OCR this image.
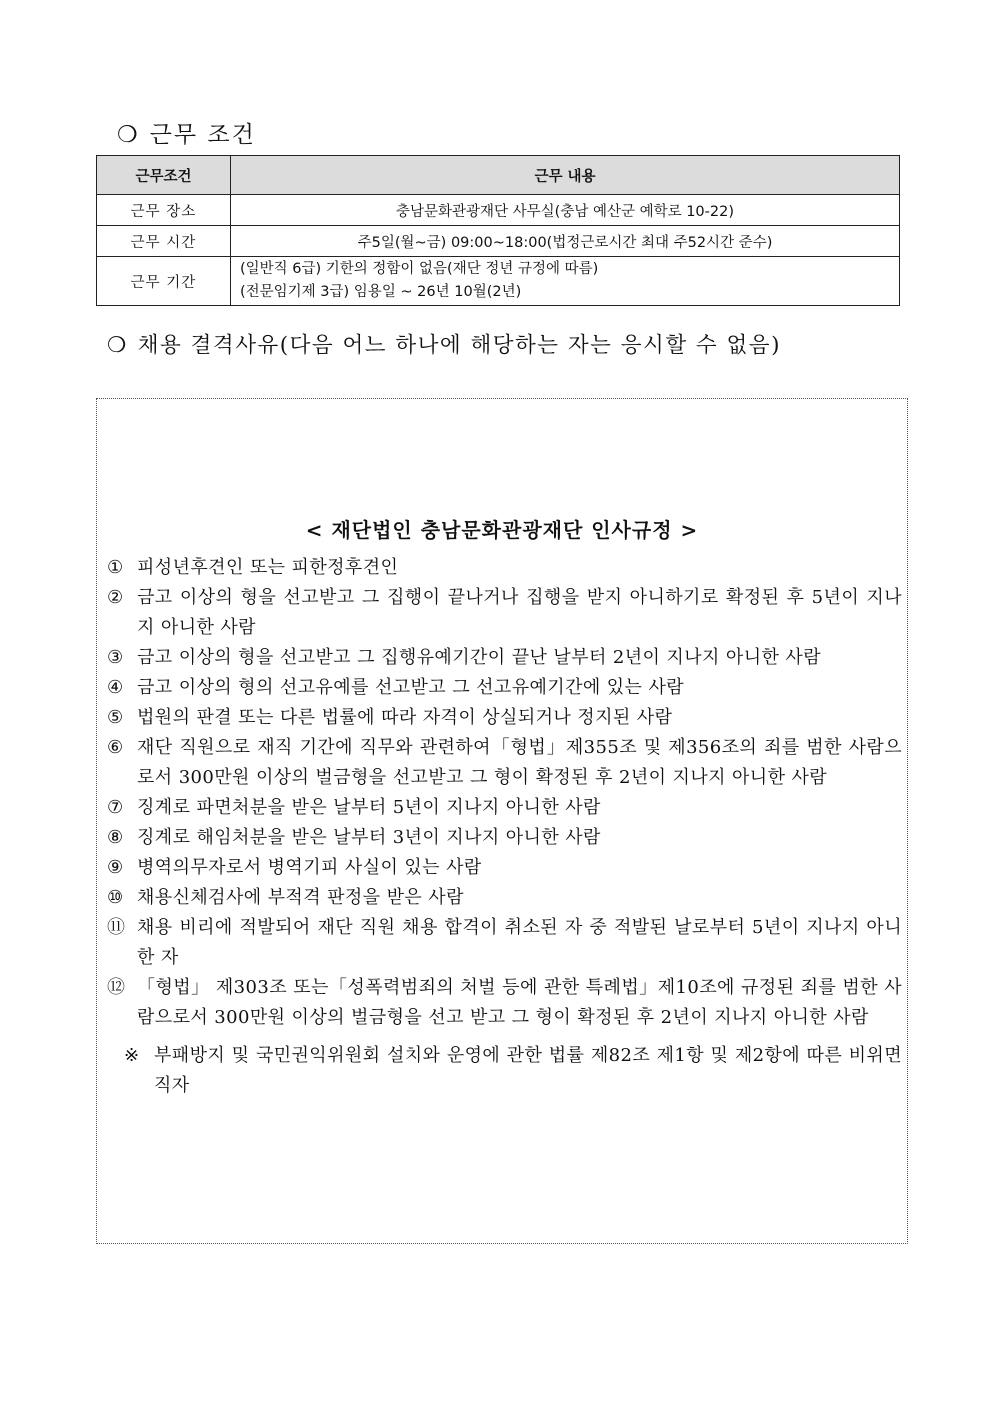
❍ 근무 조건
근무조건	근무 내용
근무 장소	충남문화관광재단 사무실(충남 예산군 예학로 10-22)
근무 시간	주5일(월~금) 09:00~18:00(법정근로시간 최대 주52시간 준수)
근무 기간	(일반직 6급) 기한의 정함이 없음(재단 정년 규정에 따름)
(전문임기제 3급) 임용일 ~ 26년 10월(2년)
❍ 채용 결격사유(다음 어느 하나에 해당하는 자는 응시할 수 없음)
< 재단법인 충남문화관광재단 인사규정 >
① 피성년후견인 또는 피한정후견인
② 금고 이상의 형을 선고받고 그 집행이 끝나거나 집행을 받지 아니하기로 확정된 후 5년이 지나지 아니한 사람
③ 금고 이상의 형을 선고받고 그 집행유예기간이 끝난 날부터 2년이 지나지 아니한 사람
④ 금고 이상의 형의 선고유예를 선고받고 그 선고유예기간에 있는 사람
⑤ 법원의 판결 또는 다른 법률에 따라 자격이 상실되거나 정지된 사람
⑥ 재단 직원으로 재직 기간에 직무와 관련하여「형법」제355조 및 제356조의 죄를 범한 사람으로서 300만원 이상의 벌금형을 선고받고 그 형이 확정된 후 2년이 지나지 아니한 사람
⑦ 징계로 파면처분을 받은 날부터 5년이 지나지 아니한 사람
⑧ 징계로 해임처분을 받은 날부터 3년이 지나지 아니한 사람
⑨ 병역의무자로서 병역기피 사실이 있는 사람
⑩ 채용신체검사에 부적격 판정을 받은 사람
⑪ 채용 비리에 적발되어 재단 직원 채용 합격이 취소된 자 중 적발된 날로부터 5년이 지나지 아니한 자
⑫ 「형법」 제303조 또는「성폭력범죄의 처벌 등에 관한 특례법」제10조에 규정된 죄를 범한 사람으로서 300만원 이상의 벌금형을 선고 받고 그 형이 확정된 후 2년이 지나지 아니한 사람
※ 부패방지 및 국민권익위원회 설치와 운영에 관한 법률 제82조 제1항 및 제2항에 따른 비위면직자
